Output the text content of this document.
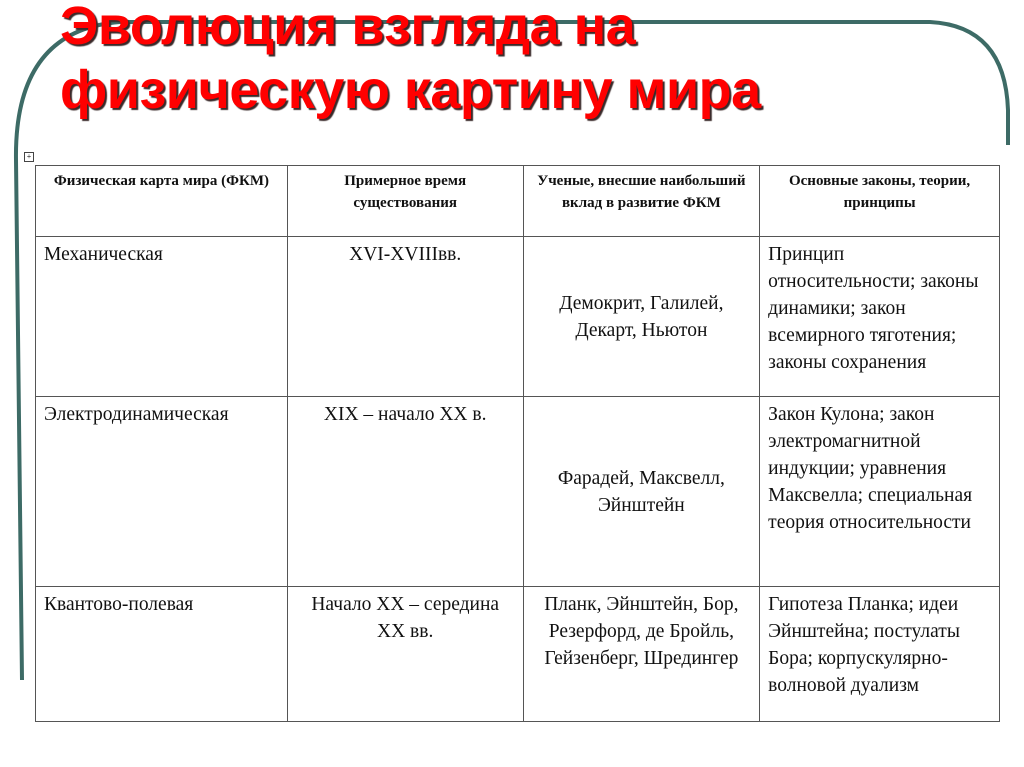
Эволюция взгляда на
физическую картину мира
+
Физическая карта мира (ФКМ)	Примерное время существования	Ученые, внесшие наибольший вклад в развитие ФКМ	Основные законы, теории, принципы
Механическая	XVI-XVIIIвв.	Демокрит, Галилей, Декарт, Ньютон	Принцип относительности; законы динамики; закон всемирного тяготения; законы сохранения
Электродинамическая	XIX – начало XX в.	Фарадей, Максвелл, Эйнштейн	Закон Кулона; закон электромагнитной индукции; уравнения Максвелла; специальная теория относительности
Квантово-полевая	Начало XX – середина XX вв.	Планк, Эйнштейн, Бор, Резерфорд, де Бройль, Гейзенберг, Шредингер	Гипотеза Планка; идеи Эйнштейна; постулаты Бора; корпускулярно-волновой дуализм
